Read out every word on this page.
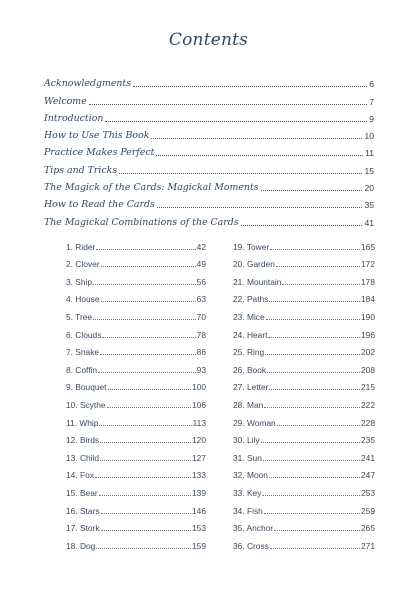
Contents
Acknowledgments	6
Welcome	7
Introduction	9
How to Use This Book	10
Practice Makes Perfect	11
Tips and Tricks	15
The Magick of the Cards: Magickal Moments	20
How to Read the Cards	35
The Magickal Combinations of the Cards	41
1. Rider	42
2. Clover	49
3. Ship	56
4. House	63
5. Tree	70
6. Clouds	78
7. Snake	86
8. Coffin	93
9. Bouquet	100
10. Scythe	106
11. Whip	113
12. Birds	120
13. Child	127
14. Fox	133
15. Bear	139
16. Stars	146
17. Stork	153
18. Dog	159
19. Tower	165
20. Garden	172
21. Mountain	178
22. Paths	184
23. Mice	190
24. Heart	196
25. Ring	202
26. Book	208
27. Letter	215
28. Man	222
29. Woman	228
30. Lily	235
31. Sun	241
32. Moon	247
33. Key	253
34. Fish	259
35. Anchor	265
36. Cross	271
